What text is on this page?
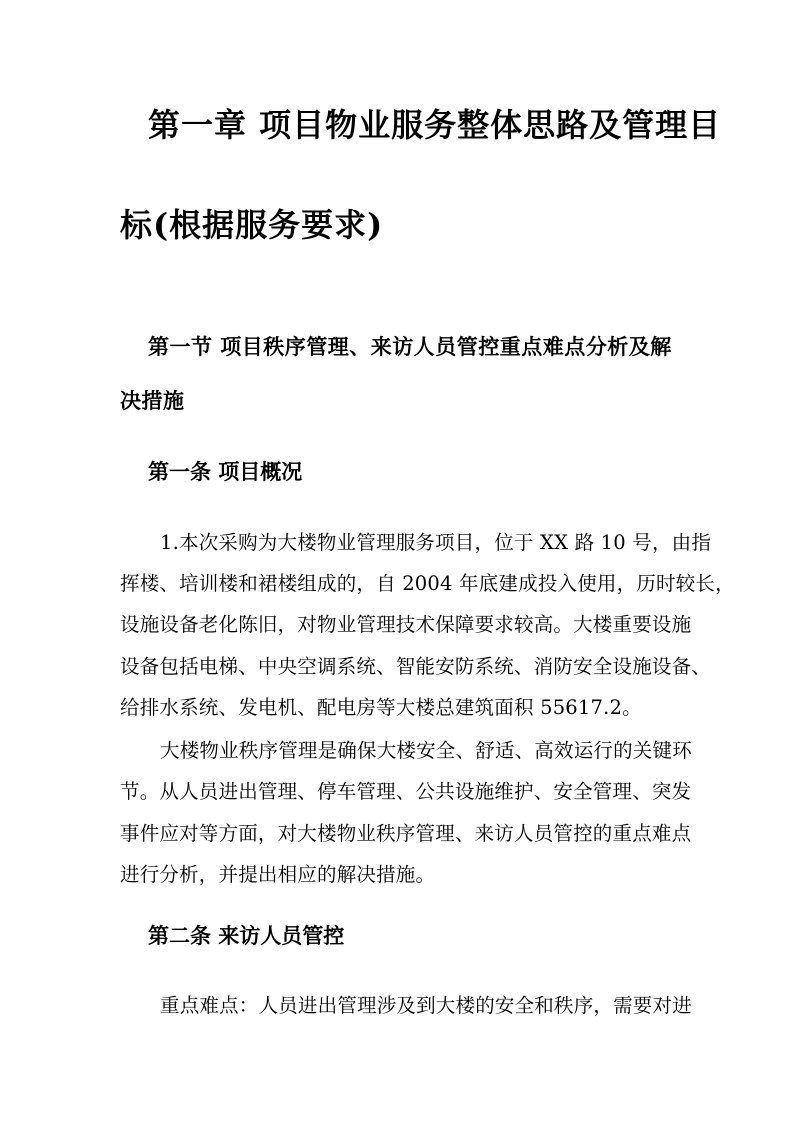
第一章 项目物业服务整体思路及管理目

标(根据服务要求)

第一节 项目秩序管理、来访人员管控重点难点分析及解

决措施

第一条 项目概况

1.本次采购为大楼物业管理服务项目，位于 XX 路 10 号，由指

挥楼、培训楼和裙楼组成的，自 2004 年底建成投入使用，历时较长，

设施设备老化陈旧，对物业管理技术保障要求较高。大楼重要设施

设备包括电梯、中央空调系统、智能安防系统、消防安全设施设备、

给排水系统、发电机、配电房等大楼总建筑面积 55617.2。

大楼物业秩序管理是确保大楼安全、舒适、高效运行的关键环

节。从人员进出管理、停车管理、公共设施维护、安全管理、突发

事件应对等方面，对大楼物业秩序管理、来访人员管控的重点难点

进行分析，并提出相应的解决措施。

第二条 来访人员管控

重点难点：人员进出管理涉及到大楼的安全和秩序，需要对进
